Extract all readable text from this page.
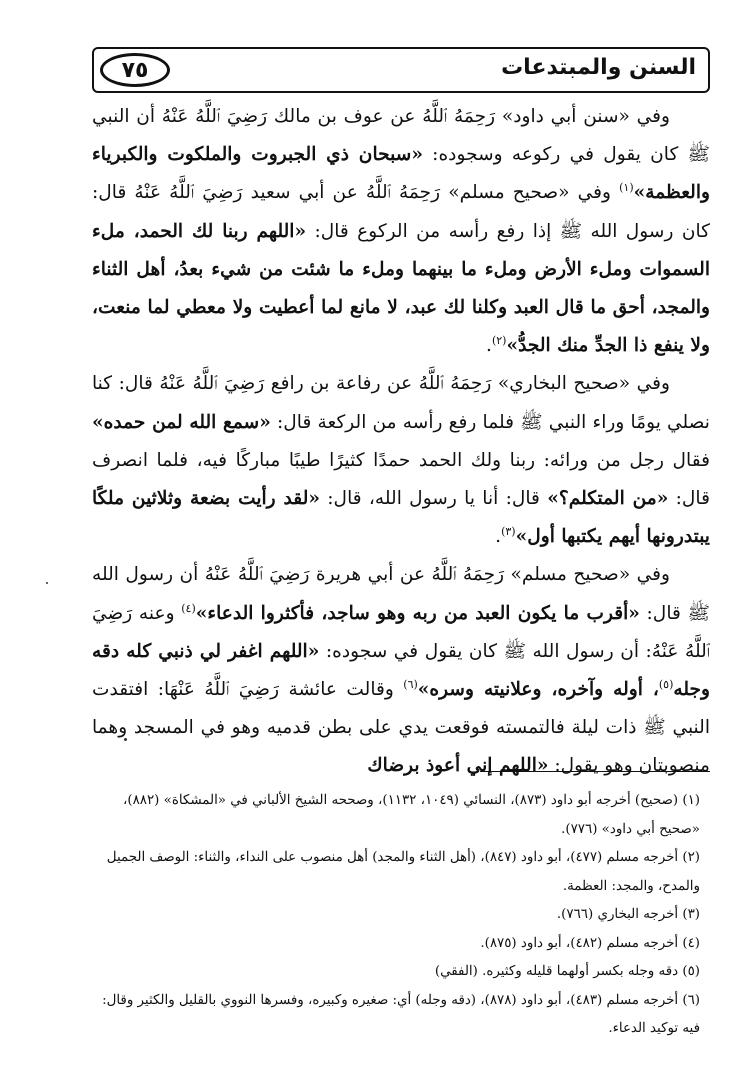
السنن والمبتدعات
٧٥

وفي «سنن أبي داود» رَحِمَهُ ٱللَّهُ عن عوف بن مالك رَضِيَ ٱللَّهُ عَنْهُ أن النبي ﷺ كان يقول في ركوعه وسجوده: «سبحان ذي الجبروت والملكوت والكبرياء والعظمة»$^{(١)}$ وفي «صحيح مسلم» رَحِمَهُ ٱللَّهُ عن أبي سعيد رَضِيَ ٱللَّهُ عَنْهُ قال: كان رسول الله ﷺ إذا رفع رأسه من الركوع قال: «اللهم ربنا لك الحمد، ملء السموات وملء الأرض وملء ما بينهما وملء ما شئت من شيء بعدُ، أهل الثناء والمجد، أحق ما قال العبد وكلنا لك عبد، لا مانع لما أعطيت ولا معطي لما منعت، ولا ينفع ذا الجدِّ منك الجدُّ»$^{(٢)}$.

وفي «صحيح البخاري» رَحِمَهُ ٱللَّهُ عن رفاعة بن رافع رَضِيَ ٱللَّهُ عَنْهُ قال: كنا نصلي يومًا وراء النبي ﷺ فلما رفع رأسه من الركعة قال: «سمع الله لمن حمده» فقال رجل من ورائه: ربنا ولك الحمد حمدًا كثيرًا طيبًا مباركًا فيه، فلما انصرف قال: «من المتكلم؟» قال: أنا يا رسول الله، قال: «لقد رأيت بضعة وثلاثين ملكًا يبتدرونها أيهم يكتبها أول»$^{(٣)}$.

وفي «صحيح مسلم» رَحِمَهُ ٱللَّهُ عن أبي هريرة رَضِيَ ٱللَّهُ عَنْهُ أن رسول الله ﷺ قال: «أقرب ما يكون العبد من ربه وهو ساجد، فأكثروا الدعاء»$^{(٤)}$ وعنه رَضِيَ ٱللَّهُ عَنْهُ: أن رسول الله ﷺ كان يقول في سجوده: «اللهم اغفر لي ذنبي كله دقه وجله$^{(٥)}$، أوله وآخره، وعلانيته وسره»$^{(٦)}$ وقالت عائشة رَضِيَ ٱللَّهُ عَنْهَا: افتقدت النبي ﷺ ذات ليلة فالتمسته فوقعت يدي على بطن قدميه وهو في المسجد وهما منصوبتان وهو يقول: «اللهم إني أعوذ برضاك

(١) (صحيح) أخرجه أبو داود (٨٧٣)، النسائي (١٠٤٩، ١١٣٢)، وصححه الشيخ الألباني في «المشكاة» (٨٨٢)، «صحيح أبي داود» (٧٧٦).

(٢) أخرجه مسلم (٤٧٧)، أبو داود (٨٤٧)، (أهل الثناء والمجد) أهل منصوب على النداء، والثناء: الوصف الجميل والمدح، والمجد: العظمة.

(٣) أخرجه البخاري (٧٦٦).

(٤) أخرجه مسلم (٤٨٢)، أبو داود (٨٧٥).

(٥) دقه وجله بكسر أولهما قليله وكثيره. (الفقي)

(٦) أخرجه مسلم (٤٨٣)، أبو داود (٨٧٨)، (دقه وجله) أي: صغيره وكبيره، وفسرها النووي بالقليل والكثير وقال: فيه توكيد الدعاء.
